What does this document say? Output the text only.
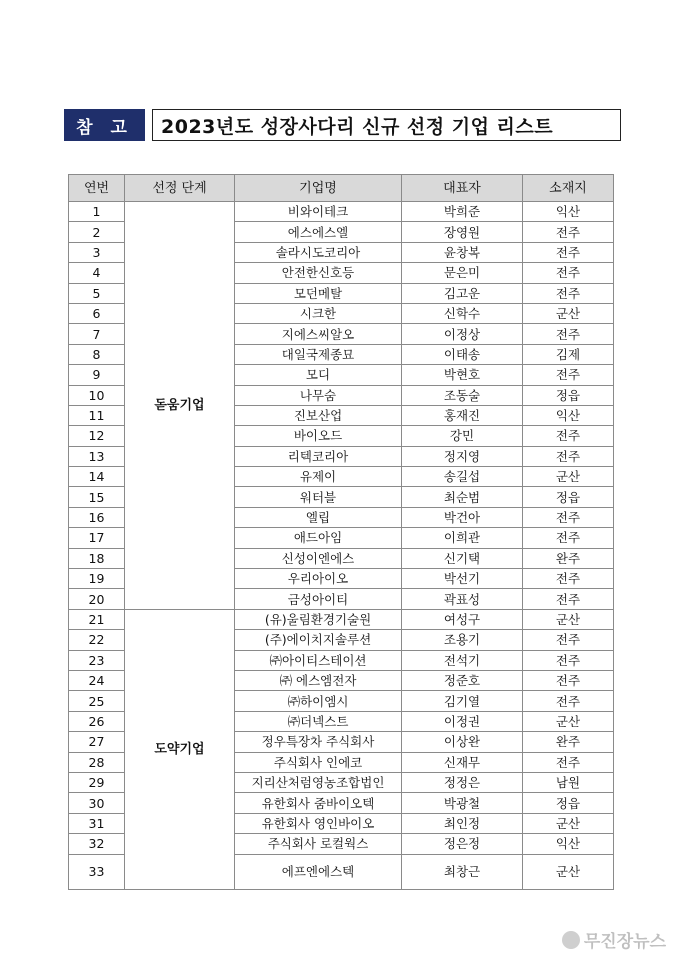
참 고	2023년도 성장사다리 신규 선정 기업 리스트
연번	선정 단계	기업명	대표자	소재지
1	돋움기업	비와이테크	박희준	익산
2		에스에스엘	장영원	전주
3		솔라시도코리아	윤창복	전주
4		안전한신호등	문은미	전주
5		모던메탈	김고운	전주
6		시크한	신학수	군산
7		지에스씨알오	이정상	전주
8		대일국제종묘	이태송	김제
9		모디	박현호	전주
10		나무숨	조동술	정읍
11		진보산업	홍재진	익산
12		바이오드	강민	전주
13		리텍코리아	정지영	전주
14		유제이	송길섭	군산
15		워터블	최순범	정읍
16		엘립	박건아	전주
17		애드아임	이희관	전주
18		신성이엔에스	신기택	완주
19		우리아이오	박선기	전주
20		금성아이티	곽표성	전주
21	도약기업	(유)울림환경기술원	여성구	군산
22		(주)에이치지솔루션	조용기	전주
23		㈜아이티스테이션	전석기	전주
24		㈜ 에스엠전자	정준호	전주
25		㈜하이엠시	김기열	전주
26		㈜더넥스트	이정권	군산
27		정우특장차 주식회사	이상완	완주
28		주식회사 인에코	신재무	전주
29		지리산처럼영농조합법인	정정은	남원
30		유한회사 줌바이오텍	박광철	정읍
31		유한회사 영인바이오	최인정	군산
32		주식회사 로컬웍스	정은정	익산
33		에프엔에스텍	최창근	군산
무진장뉴스
